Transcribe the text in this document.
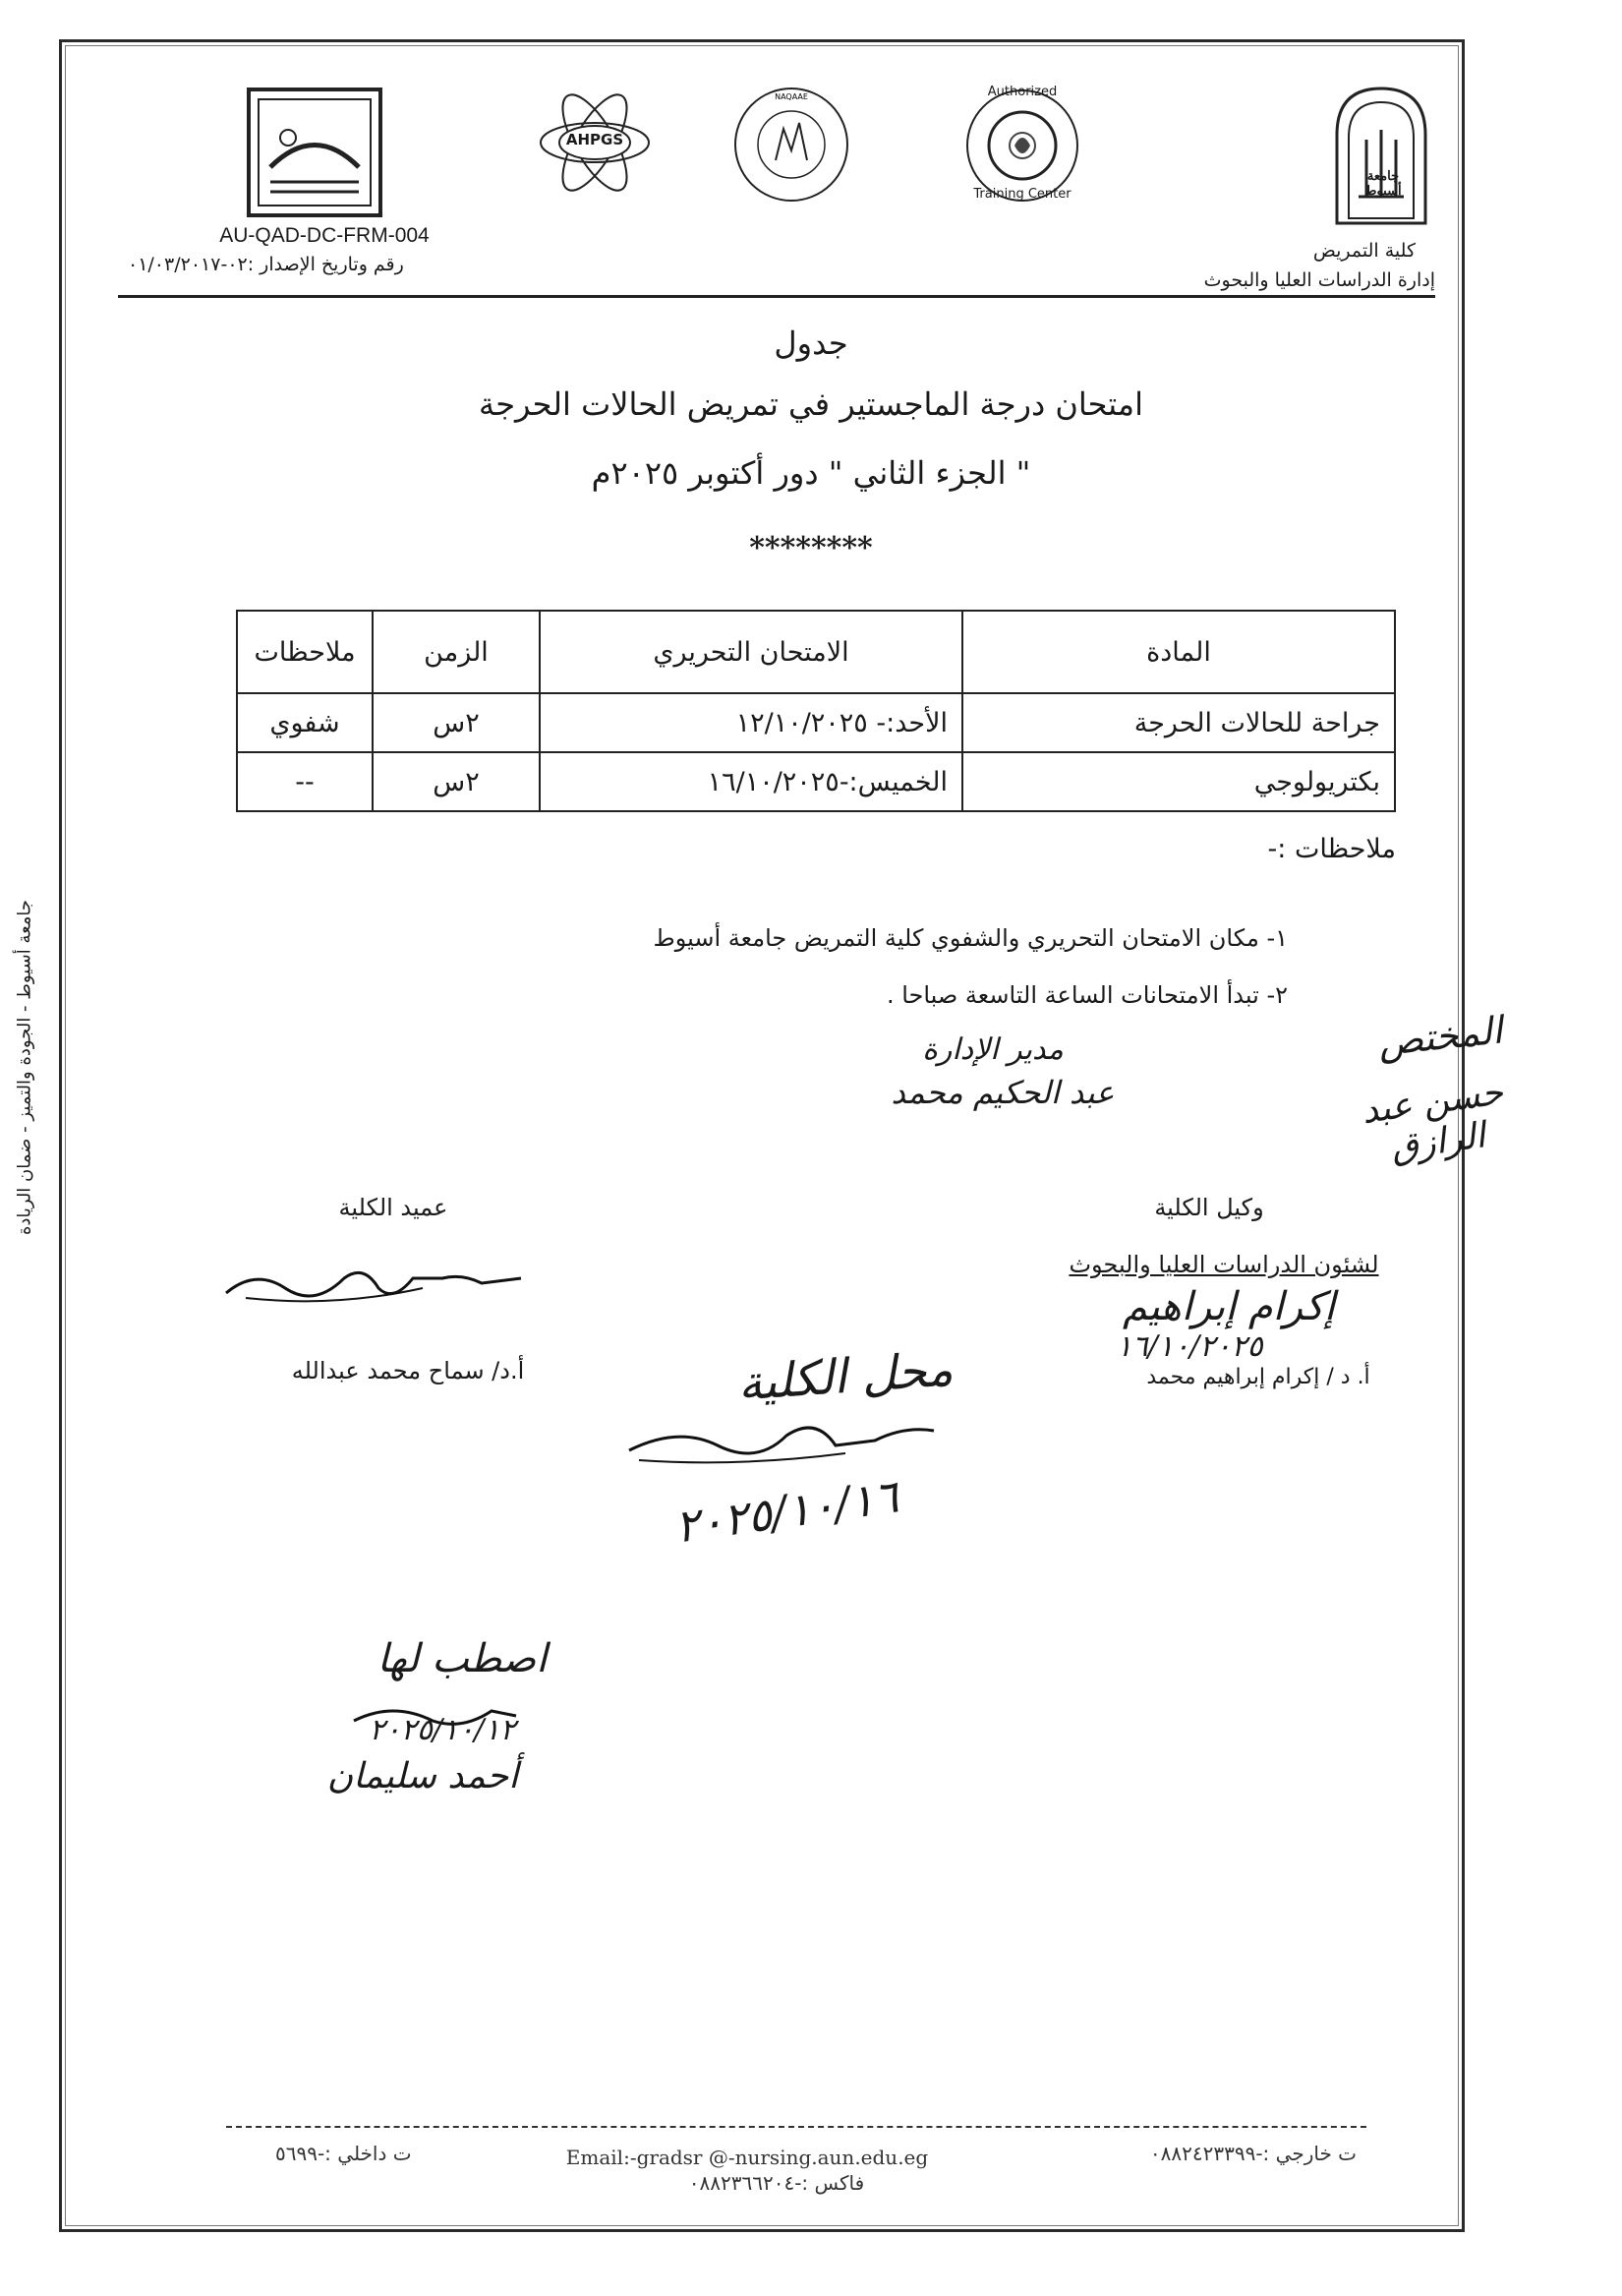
جامعة أسيوط - الجودة والتميز - ضمان الريادة
جامعة أسيوط
Authorized
Training Center
NAQAAE
AHPGS
AU-QAD-DC-FRM-004
رقم وتاريخ الإصدار :٠٢-٠١/٠٣/٢٠١٧
كلية التمريض
إدارة الدراسات العليا والبحوث
جدول
امتحان درجة الماجستير في تمريض الحالات الحرجة
" الجزء الثاني " دور أكتوبر ٢٠٢٥م
********
المادة	الامتحان التحريري	الزمن	ملاحظات
جراحة للحالات الحرجة	الأحد:- ١٢/١٠/٢٠٢٥	٢س	شفوي
بكتريولوجي	الخميس:-١٦/١٠/٢٠٢٥	٢س	--
ملاحظات :-
١- مكان الامتحان التحريري والشفوي كلية التمريض جامعة أسيوط
٢- تبدأ الامتحانات الساعة التاسعة صباحا .
المختص
حسن عبد الرازق
مدير الإدارة
عبد الحكيم محمد
عميد الكلية
أ.د/ سماح محمد عبدالله
وكيل الكلية
لشئون الدراسات العليا والبحوث
إكرام إبراهيم
١٦/١٠/٢٠٢٥
أ. د / إكرام إبراهيم محمد
محل الكلية
٢٠٢٥/١٠/١٦
اصطب لها
٢٠٢٥/١٠/١٢
أحمد سليمان
ت داخلي :-٥٦٩٩	Email:-gradsr @-nursing.aun.edu.eg
فاكس :-٠٨٨٢٣٦٦٢٠٤
ت خارجي :-٠٨٨٢٤٢٣٣٩٩
